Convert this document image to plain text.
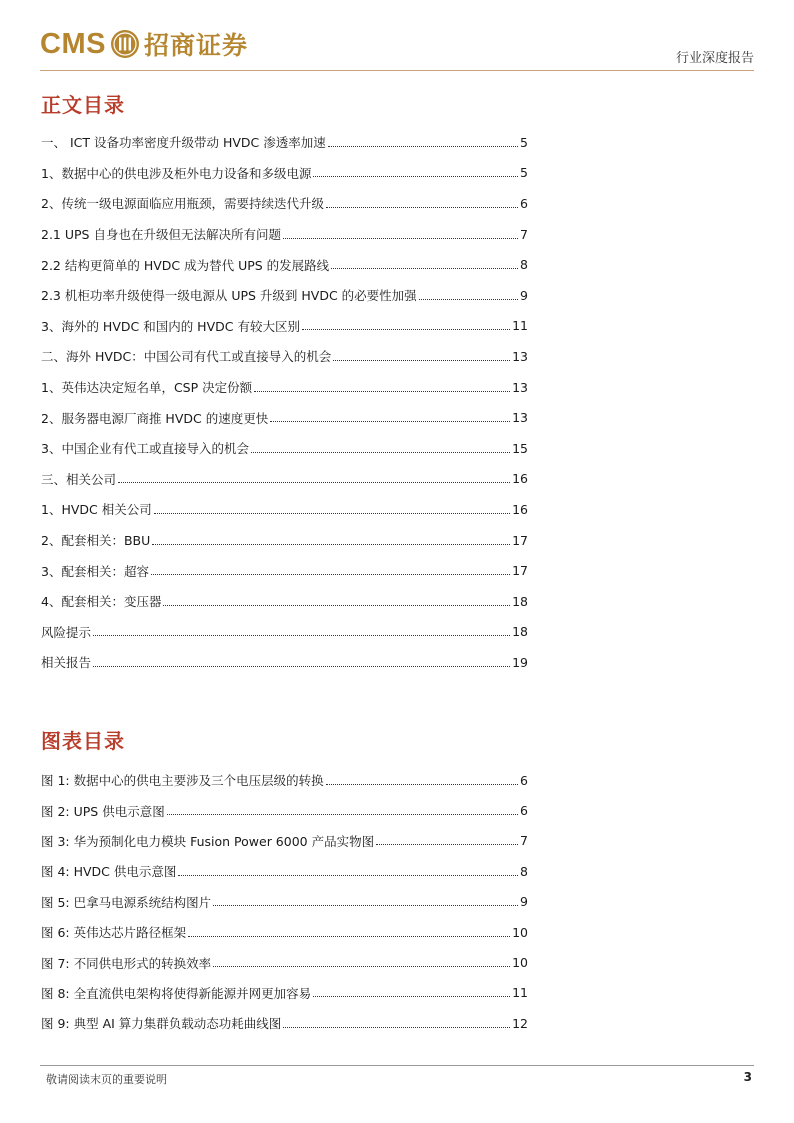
CMS 招商证券	行业深度报告
正文目录
一、 ICT 设备功率密度升级带动 HVDC 渗透率加速	5
1、数据中心的供电涉及柜外电力设备和多级电源	5
2、传统一级电源面临应用瓶颈，需要持续迭代升级	6
2.1 UPS 自身也在升级但无法解决所有问题	7
2.2 结构更简单的 HVDC 成为替代 UPS 的发展路线	8
2.3 机柜功率升级使得一级电源从 UPS 升级到 HVDC 的必要性加强	9
3、海外的 HVDC 和国内的 HVDC 有较大区别	11
二、海外 HVDC：中国公司有代工或直接导入的机会	13
1、英伟达决定短名单，CSP 决定份额	13
2、服务器电源厂商推 HVDC 的速度更快	13
3、中国企业有代工或直接导入的机会	15
三、相关公司	16
1、HVDC 相关公司	16
2、配套相关：BBU	17
3、配套相关：超容	17
4、配套相关：变压器	18
风险提示	18
相关报告	19
图表目录
图 1: 数据中心的供电主要涉及三个电压层级的转换	6
图 2: UPS 供电示意图	6
图 3: 华为预制化电力模块 Fusion Power 6000 产品实物图	7
图 4: HVDC 供电示意图	8
图 5: 巴拿马电源系统结构图片	9
图 6: 英伟达芯片路径框架	10
图 7: 不同供电形式的转换效率	10
图 8: 全直流供电架构将使得新能源并网更加容易	11
图 9: 典型 AI 算力集群负载动态功耗曲线图	12
敬请阅读末页的重要说明	3
